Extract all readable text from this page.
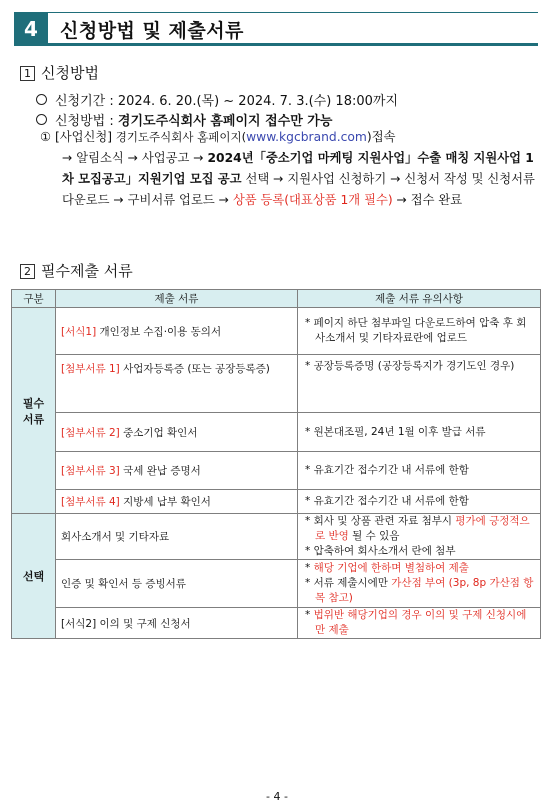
4	신청방법 및 제출서류
1 신청방법
신청기간 : 2024. 6. 20.(목) ~ 2024. 7. 3.(수) 18:00까지
신청방법 : 경기도주식회사 홈페이지 접수만 가능
① [사업신청] 경기도주식회사 홈페이지(www.kgcbrand.com)접속
→ 알림소식 → 사업공고 → 2024년「중소기업 마케팅 지원사업」수출 매칭 지원사업 1차 모집공고」지원기업 모집 공고 선택 → 지원사업 신청하기 → 신청서 작성 및 신청서류 다운로드 → 구비서류 업로드 → 상품 등록(대표상품 1개 필수) → 접수 완료
2 필수제출 서류
구분	제출 서류	제출 서류 유의사항

필수 서류	[서식1] 개인정보 수집·이용 동의서	* 페이지 하단 첨부파일 다운로드하여 압축 후 회사소개서 및 기타자료란에 업로드

	[첨부서류 1] 사업자등록증 (또는 공장등록증)	* 공장등록증명 (공장등록지가 경기도인 경우)

	[첨부서류 2] 중소기업 확인서	* 원본대조필, 24년 1월 이후 발급 서류

	[첨부서류 3] 국세 완납 증명서	* 유효기간 접수기간 내 서류에 한함

	[첨부서류 4] 지방세 납부 확인서	* 유효기간 접수기간 내 서류에 한함

선택	회사소개서 및 기타자료	* 회사 및 상품 관련 자료 첨부시 평가에 긍정적으로 반영 될 수 있음
* 압축하여 회사소개서 란에 첨부

	인증 및 확인서 등 증빙서류	* 해당 기업에 한하며 별첨하여 제출
* 서류 제출시에만 가산점 부여 (3p, 8p 가산점 항목 참고)

	[서식2] 이의 및 구제 신청서	* 법위반 해당기업의 경우 이의 및 구제 신청시에만 제출
- 4 -
